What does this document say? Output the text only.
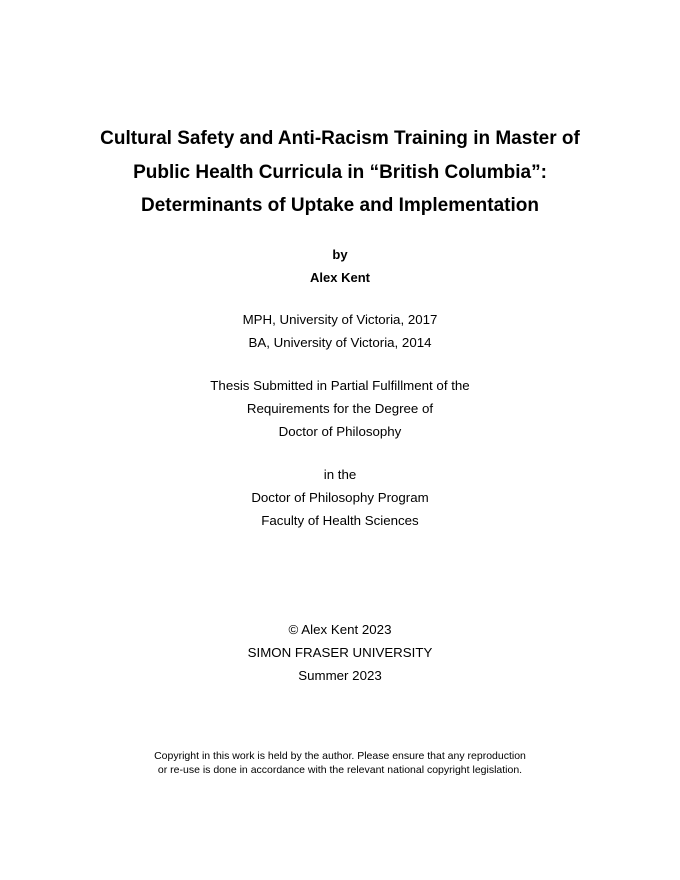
Cultural Safety and Anti-Racism Training in Master of
Public Health Curricula in “British Columbia”:
Determinants of Uptake and Implementation
by
Alex Kent
MPH, University of Victoria, 2017
BA, University of Victoria, 2014
Thesis Submitted in Partial Fulfillment of the
Requirements for the Degree of
Doctor of Philosophy
in the
Doctor of Philosophy Program
Faculty of Health Sciences
© Alex Kent 2023
SIMON FRASER UNIVERSITY
Summer 2023
Copyright in this work is held by the author. Please ensure that any reproduction
or re-use is done in accordance with the relevant national copyright legislation.
